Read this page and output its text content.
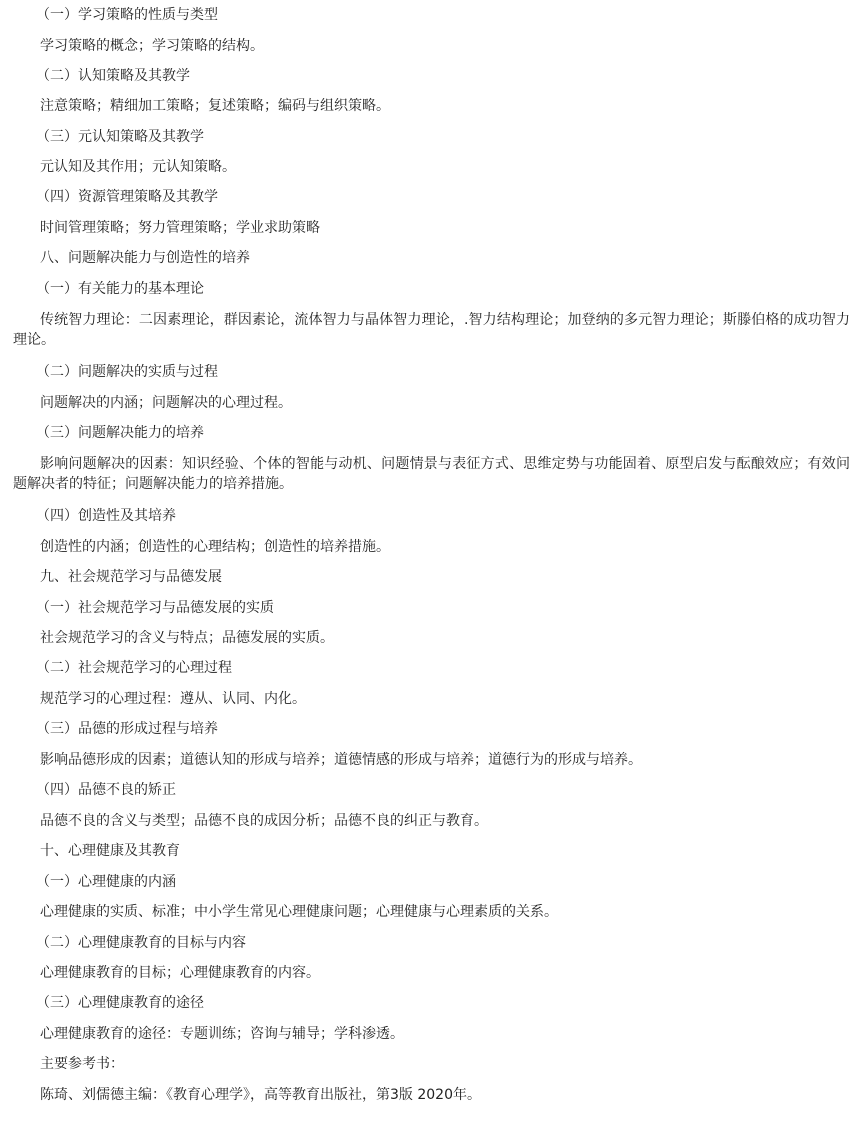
（一）学习策略的性质与类型
学习策略的概念；学习策略的结构。
（二）认知策略及其教学
注意策略；精细加工策略；复述策略；编码与组织策略。
（三）元认知策略及其教学
元认知及其作用；元认知策略。
（四）资源管理策略及其教学
时间管理策略；努力管理策略；学业求助策略
八、问题解决能力与创造性的培养
（一）有关能力的基本理论
传统智力理论：二因素理论，群因素论，流体智力与晶体智力理论，.智力结构理论；加登纳的多元智力理论；斯滕伯格的成功智力理论。
（二）问题解决的实质与过程
问题解决的内涵；问题解决的心理过程。
（三）问题解决能力的培养
影响问题解决的因素：知识经验、个体的智能与动机、问题情景与表征方式、思维定势与功能固着、原型启发与酝酿效应；有效问题解决者的特征；问题解决能力的培养措施。
（四）创造性及其培养
创造性的内涵；创造性的心理结构；创造性的培养措施。
九、社会规范学习与品德发展
（一）社会规范学习与品德发展的实质
社会规范学习的含义与特点；品德发展的实质。
（二）社会规范学习的心理过程
规范学习的心理过程：遵从、认同、内化。
（三）品德的形成过程与培养
影响品德形成的因素；道德认知的形成与培养；道德情感的形成与培养；道德行为的形成与培养。
（四）品德不良的矫正
品德不良的含义与类型；品德不良的成因分析；品德不良的纠正与教育。
十、心理健康及其教育
（一）心理健康的内涵
心理健康的实质、标准；中小学生常见心理健康问题；心理健康与心理素质的关系。
（二）心理健康教育的目标与内容
心理健康教育的目标；心理健康教育的内容。
（三）心理健康教育的途径
心理健康教育的途径：专题训练；咨询与辅导；学科渗透。
主要参考书：
陈琦、刘儒德主编：《教育心理学》，高等教育出版社，第3版 2020年。
